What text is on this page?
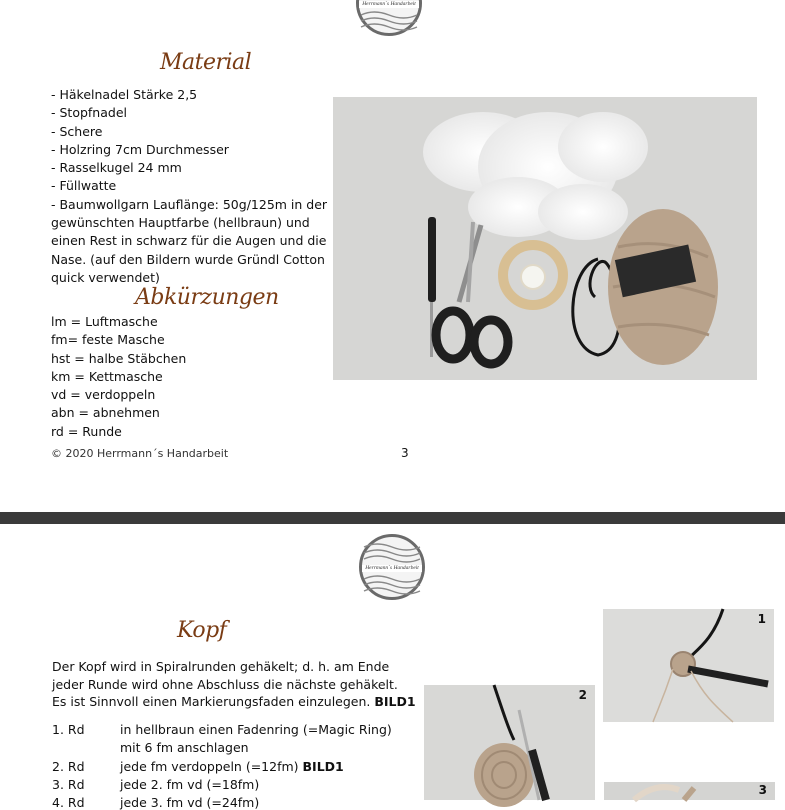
Herrmann´s Handarbeit
Material
- Häkelnadel Stärke 2,5
- Stopfnadel
- Schere
- Holzring 7cm Durchmesser
- Rasselkugel 24 mm
- Füllwatte
- Baumwollgarn Lauflänge: 50g/125m in der
gewünschten Hauptfarbe (hellbraun) und
einen Rest in schwarz für die Augen und die
Nase. (auf den Bildern wurde Gründl Cotton
quick verwendet)
Abkürzungen
lm = Luftmasche
fm= feste Masche
hst = halbe Stäbchen
km = Kettmasche
vd = verdoppeln
abn = abnehmen
rd = Runde
© 2020 Herrmann´s Handarbeit	3
Herrmann´s Handarbeit
Kopf
Der Kopf wird in Spiralrunden gehäkelt; d. h. am Ende
jeder Runde wird ohne Abschluss die nächste gehäkelt.
Es ist Sinnvoll einen Markierungsfaden einzulegen. BILD1
1. Rd	in hellbraun einen Fadenring (=Magic Ring)
mit 6 fm anschlagen
2. Rd	jede fm verdoppeln (=12fm) BILD1
3. Rd	jede 2. fm vd (=18fm)
4. Rd	jede 3. fm vd (=24fm)
1
2
3
